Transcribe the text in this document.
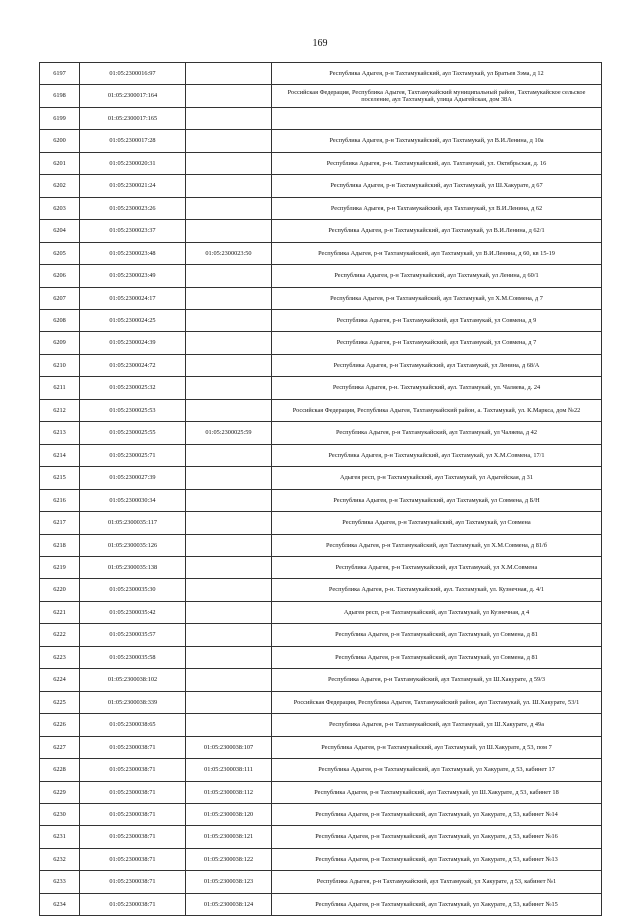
169
6197	01:05:2300016:97		Республика Адыгея, р-н Тахтамукайский, аул Тахтамукай, ул Братьев Зэма, д 12
6198	01:05:2300017:164		Российская Федерация, Республика Адыгея, Тахтамукайский муниципальный район, Тахтамукайское сельское поселение, аул Тахтамукай, улица Адыгейская, дом 38А
6199	01:05:2300017:165		
6200	01:05:2300017:28		Республика Адыгея, р-н Тахтамукайский, аул Тахтамукай, ул В.И.Ленина, д 10а
6201	01:05:2300020:31		Республика Адыгея, р-н. Тахтамукайский, аул. Тахтамукай, ул. Октябрьская, д. 16
6202	01:05:2300021:24		Республика Адыгея, р-н Тахтамукайский, аул Тахтамукай, ул Ш.Хакурате, д 67
6203	01:05:2300023:26		Республика Адыгея, р-н Тахтамукайский, аул Тахтамукай, ул В.И.Ленина, д 62
6204	01:05:2300023:37		Республика Адыгея, р-н Тахтамукайский, аул Тахтамукай, ул В.И.Ленина, д 62/1
6205	01:05:2300023:48	01:05:2300023:50	Республика Адыгея, р-н Тахтамукайский, аул Тахтамукай, ул В.И.Ленина, д 60, кв 15-19
6206	01:05:2300023:49		Республика Адыгея, р-н Тахтамукайский, аул Тахтамукай, ул Ленина, д 60/1
6207	01:05:2300024:17		Республика Адыгея, р-н Тахтамукайский, аул Тахтамукай, ул Х.М.Совмена, д 7
6208	01:05:2300024:25		Республика Адыгея, р-н Тахтамукайский, аул Тахтамукай, ул Совмена, д 9
6209	01:05:2300024:39		Республика Адыгея, р-н Тахтамукайский, аул Тахтамукай, ул Совмена, д 7
6210	01:05:2300024:72		Республика Адыгея, р-н Тахтамукайский, аул Тахтамукай, ул Ленина, д 68/А
6211	01:05:2300025:32		Республика Адыгея, р-н. Тахтамукайский, аул. Тахтамукай, ул. Чаляева, д. 24
6212	01:05:2300025:53		Российская Федерация, Республика Адыгея, Тахтамукайский район, а. Тахтамукай, ул. К.Маркса, дом №22
6213	01:05:2300025:55	01:05:2300025:59	Республика Адыгея, р-н Тахтамукайский, аул Тахтамукай, ул Чаляева, д 42
6214	01:05:2300025:71		Республика Адыгея, р-н Тахтамукайский, аул Тахтамукай, ул Х.М.Совмена, 17/1
6215	01:05:2300027:39		Адыгея респ, р-н Тахтамукайский, аул Тахтамукай, ул Адыгейская, д 31
6216	01:05:2300030:34		Республика Адыгея, р-н Тахтамукайский, аул Тахтамукай, ул Совмена, д Б/Н
6217	01:05:2300035:117		Республика Адыгея, р-н Тахтамукайский, аул Тахтамукай, ул Совмена
6218	01:05:2300035:126		Республика Адыгея, р-н Тахтамукайский, аул Тахтамукай, ул Х.М.Совмена, д 81/б
6219	01:05:2300035:138		Республика Адыгея, р-н Тахтамукайский, аул Тахтамукай, ул Х.М.Совмена
6220	01:05:2300035:30		Республика Адыгея, р-н. Тахтамукайский, аул. Тахтамукай, ул. Кузнечная, д. 4/1
6221	01:05:2300035:42		Адыгея респ, р-н Тахтамукайский, аул Тахтамукай, ул Кузнечная, д 4
6222	01:05:2300035:57		Республика Адыгея, р-н Тахтамукайский, аул Тахтамукай, ул Совмена, д 81
6223	01:05:2300035:58		Республика Адыгея, р-н Тахтамукайский, аул Тахтамукай, ул Совмена, д 81
6224	01:05:2300038:102		Республика Адыгея, р-н Тахтамукайский, аул Тахтамукай, ул Ш.Хакурате, д 59/3
6225	01:05:2300038:339		Российская Федерация, Республика Адыгея, Тахтамукайский район, аул Тахтамукай, ул. Ш.Хакурате, 53/1
6226	01:05:2300038:65		Республика Адыгея, р-н Тахтамукайский, аул Тахтамукай, ул Ш.Хакурате, д 49а
6227	01:05:2300038:71	01:05:2300038:107	Республика Адыгея, р-н Тахтамукайский, аул Тахтамукай, ул Ш.Хакурате, д 53, пом 7
6228	01:05:2300038:71	01:05:2300038:111	Республика Адыгея, р-н Тахтамукайский, аул Тахтамукай, ул Хакурате, д 53, кабинет 17
6229	01:05:2300038:71	01:05:2300038:112	Республика Адыгея, р-н Тахтамукайский, аул Тахтамукай, ул Ш.Хакурате, д 53, кабинет 18
6230	01:05:2300038:71	01:05:2300038:120	Республика Адыгея, р-н Тахтамукайский, аул Тахтамукай, ул Хакурате, д 53, кабинет №14
6231	01:05:2300038:71	01:05:2300038:121	Республика Адыгея, р-н Тахтамукайский, аул Тахтамукай, ул Хакурате, д 53, кабинет №16
6232	01:05:2300038:71	01:05:2300038:122	Республика Адыгея, р-н Тахтамукайский, аул Тахтамукай, ул Хакурате, д 53, кабинет №13
6233	01:05:2300038:71	01:05:2300038:123	Республика Адыгея, р-н Тахтамукайский, аул Тахтамукай, ул Хакурате, д 53, кабинет №1
6234	01:05:2300038:71	01:05:2300038:124	Республика Адыгея, р-н Тахтамукайский, аул Тахтамукай, ул Хакурате, д 53, кабинет №15
